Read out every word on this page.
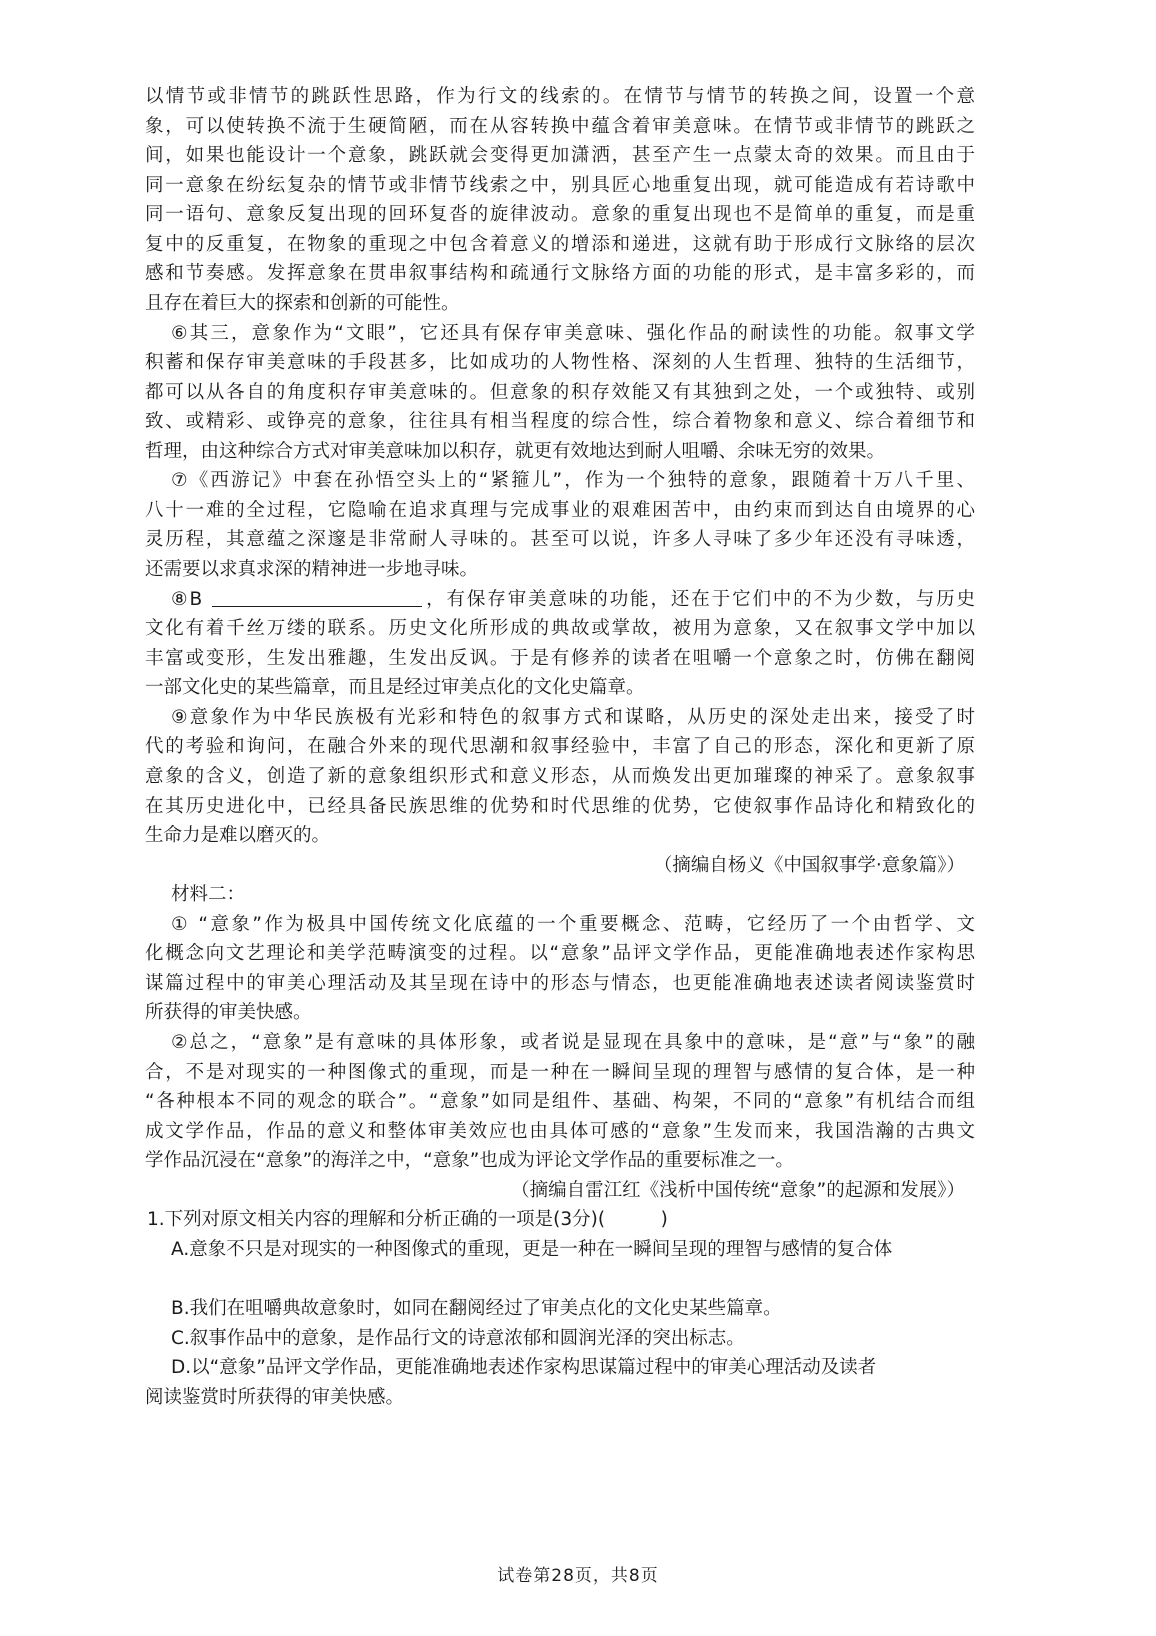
以情节或非情节的跳跃性思路，作为行文的线索的。在情节与情节的转换之间，设置一个意
象，可以使转换不流于生硬简陋，而在从容转换中蕴含着审美意味。在情节或非情节的跳跃之
间，如果也能设计一个意象，跳跃就会变得更加潇洒，甚至产生一点蒙太奇的效果。而且由于
同一意象在纷纭复杂的情节或非情节线索之中，别具匠心地重复出现，就可能造成有若诗歌中
同一语句、意象反复出现的回环复沓的旋律波动。意象的重复出现也不是简单的重复，而是重
复中的反重复，在物象的重现之中包含着意义的增添和递进，这就有助于形成行文脉络的层次
感和节奏感。发挥意象在贯串叙事结构和疏通行文脉络方面的功能的形式，是丰富多彩的，而
且存在着巨大的探索和创新的可能性。
⑥其三，意象作为“文眼”，它还具有保存审美意味、强化作品的耐读性的功能。叙事文学
积蓄和保存审美意味的手段甚多，比如成功的人物性格、深刻的人生哲理、独特的生活细节，
都可以从各自的角度积存审美意味的。但意象的积存效能又有其独到之处，一个或独特、或别
致、或精彩、或铮亮的意象，往往具有相当程度的综合性，综合着物象和意义、综合着细节和
哲理，由这种综合方式对审美意味加以积存，就更有效地达到耐人咀嚼、余味无穷的效果。
⑦《西游记》中套在孙悟空头上的“紧箍儿”，作为一个独特的意象，跟随着十万八千里、
八十一难的全过程，它隐喻在追求真理与完成事业的艰难困苦中，由约束而到达自由境界的心
灵历程，其意蕴之深邃是非常耐人寻味的。甚至可以说，许多人寻味了多少年还没有寻味透，
还需要以求真求深的精神进一步地寻味。
⑧B	，有保存审美意味的功能，还在于它们中的不为少数，与历史
文化有着千丝万缕的联系。历史文化所形成的典故或掌故，被用为意象，又在叙事文学中加以
丰富或变形，生发出雅趣，生发出反讽。于是有修养的读者在咀嚼一个意象之时，仿佛在翻阅
一部文化史的某些篇章，而且是经过审美点化的文化史篇章。
⑨意象作为中华民族极有光彩和特色的叙事方式和谋略，从历史的深处走出来，接受了时
代的考验和询问，在融合外来的现代思潮和叙事经验中，丰富了自己的形态，深化和更新了原
意象的含义，创造了新的意象组织形式和意义形态，从而焕发出更加璀璨的神采了。意象叙事
在其历史进化中，已经具备民族思维的优势和时代思维的优势，它使叙事作品诗化和精致化的
生命力是难以磨灭的。
（摘编自杨义《中国叙事学·意象篇》）
材料二：
① “意象”作为极具中国传统文化底蕴的一个重要概念、范畴，它经历了一个由哲学、文
化概念向文艺理论和美学范畴演变的过程。以“意象”品评文学作品，更能准确地表述作家构思
谋篇过程中的审美心理活动及其呈现在诗中的形态与情态，也更能准确地表述读者阅读鉴赏时
所获得的审美快感。
②总之，“意象”是有意味的具体形象，或者说是显现在具象中的意味，是“意”与“象”的融
合，不是对现实的一种图像式的重现，而是一种在一瞬间呈现的理智与感情的复合体，是一种
“各种根本不同的观念的联合”。“意象”如同是组件、基础、构架，不同的“意象”有机结合而组
成文学作品，作品的意义和整体审美效应也由具体可感的“意象”生发而来，我国浩瀚的古典文
学作品沉浸在“意象”的海洋之中，“意象”也成为评论文学作品的重要标准之一。
（摘编自雷江红《浅析中国传统“意象”的起源和发展》）
1.下列对原文相关内容的理解和分析正确的一项是(3分)(　　　)
A.意象不只是对现实的一种图像式的重现，更是一种在一瞬间呈现的理智与感情的复合体
B.我们在咀嚼典故意象时，如同在翻阅经过了审美点化的文化史某些篇章。
C.叙事作品中的意象，是作品行文的诗意浓郁和圆润光泽的突出标志。
D.以“意象”品评文学作品，更能准确地表述作家构思谋篇过程中的审美心理活动及读者
阅读鉴赏时所获得的审美快感。
试卷第28页，共8页
